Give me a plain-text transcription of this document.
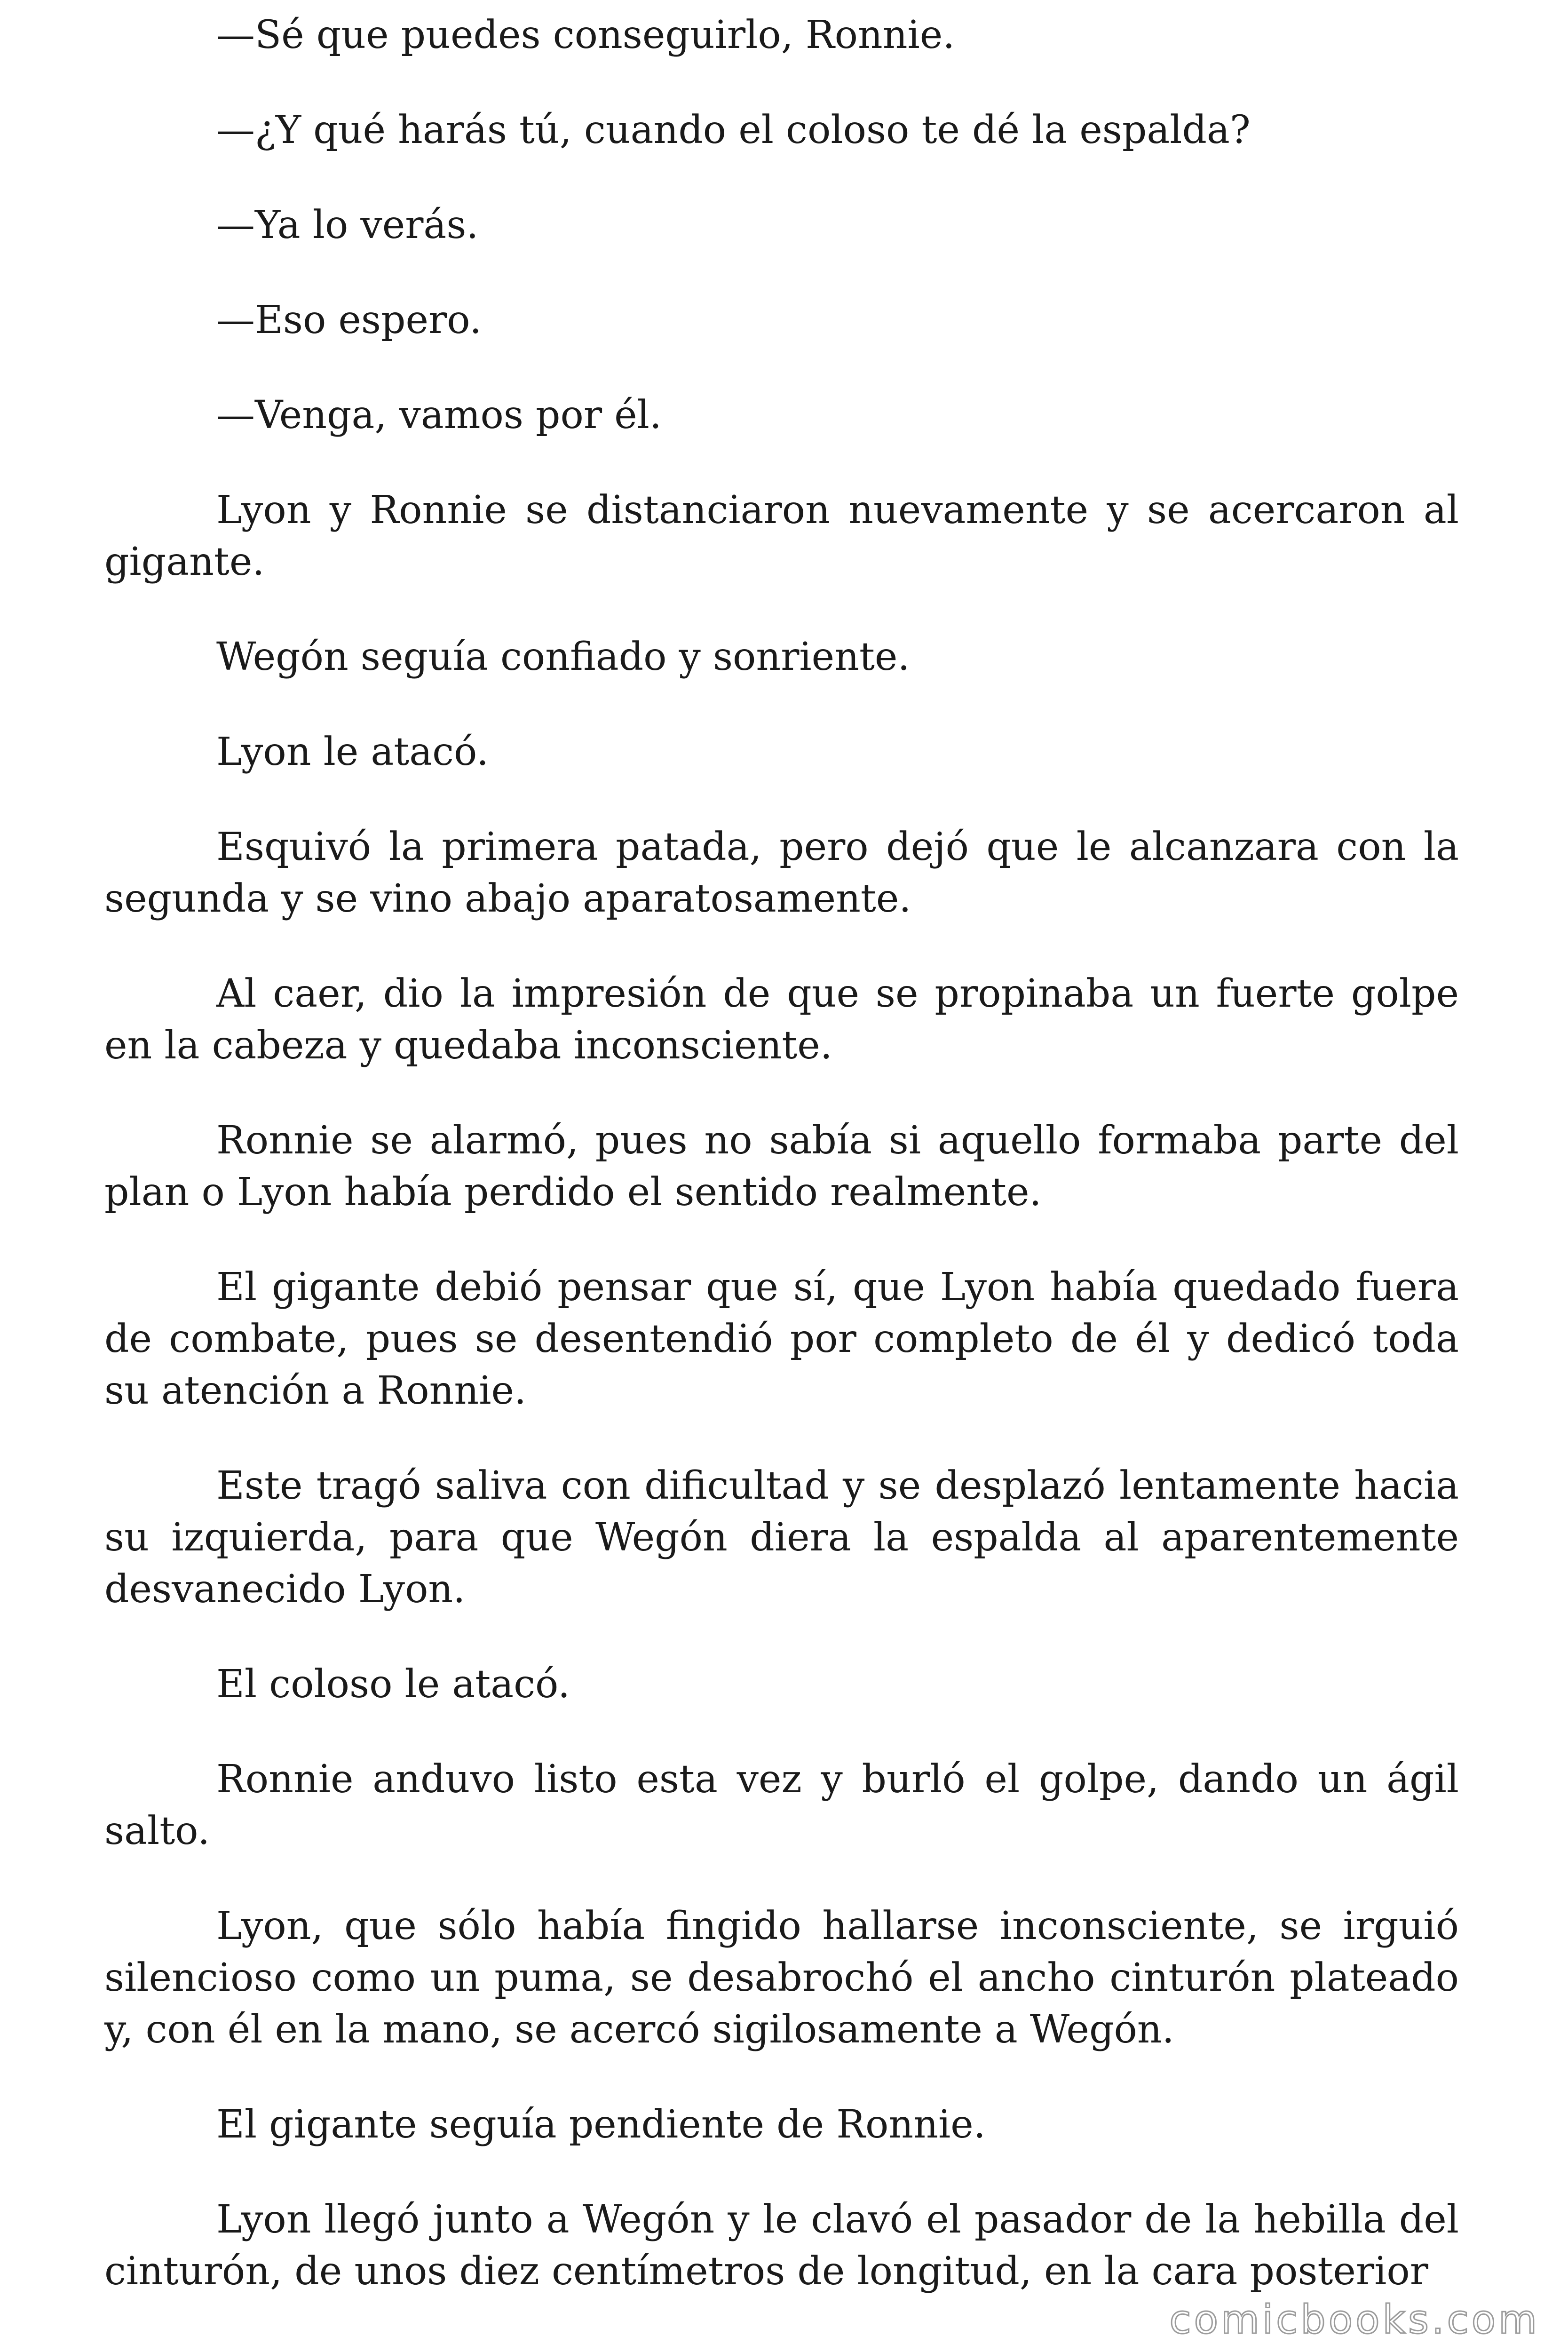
—Sé que puedes conseguirlo, Ronnie.

—¿Y qué harás tú, cuando el coloso te dé la espalda?

—Ya lo verás.

—Eso espero.

—Venga, vamos por él.

Lyon y Ronnie se distanciaron nuevamente y se acercaron al gigante.

Wegón seguía confiado y sonriente.

Lyon le atacó.

Esquivó la primera patada, pero dejó que le alcanzara con la segunda y se vino abajo aparatosamente.

Al caer, dio la impresión de que se propinaba un fuerte golpe en la cabeza y quedaba inconsciente.

Ronnie se alarmó, pues no sabía si aquello formaba parte del plan o Lyon había perdido el sentido realmente.

El gigante debió pensar que sí, que Lyon había quedado fuera de combate, pues se desentendió por completo de él y dedicó toda su atención a Ronnie.

Este tragó saliva con dificultad y se desplazó lentamente hacia su izquierda, para que Wegón diera la espalda al aparentemente desvanecido Lyon.

El coloso le atacó.

Ronnie anduvo listo esta vez y burló el golpe, dando un ágil salto.

Lyon, que sólo había fingido hallarse inconsciente, se irguió silencioso como un puma, se desabrochó el ancho cinturón plateado y, con él en la mano, se acercó sigilosamente a Wegón.

El gigante seguía pendiente de Ronnie.

Lyon llegó junto a Wegón y le clavó el pasador de la hebilla del cinturón, de unos diez centímetros de longitud, en la cara posterior

comicbooks.com
